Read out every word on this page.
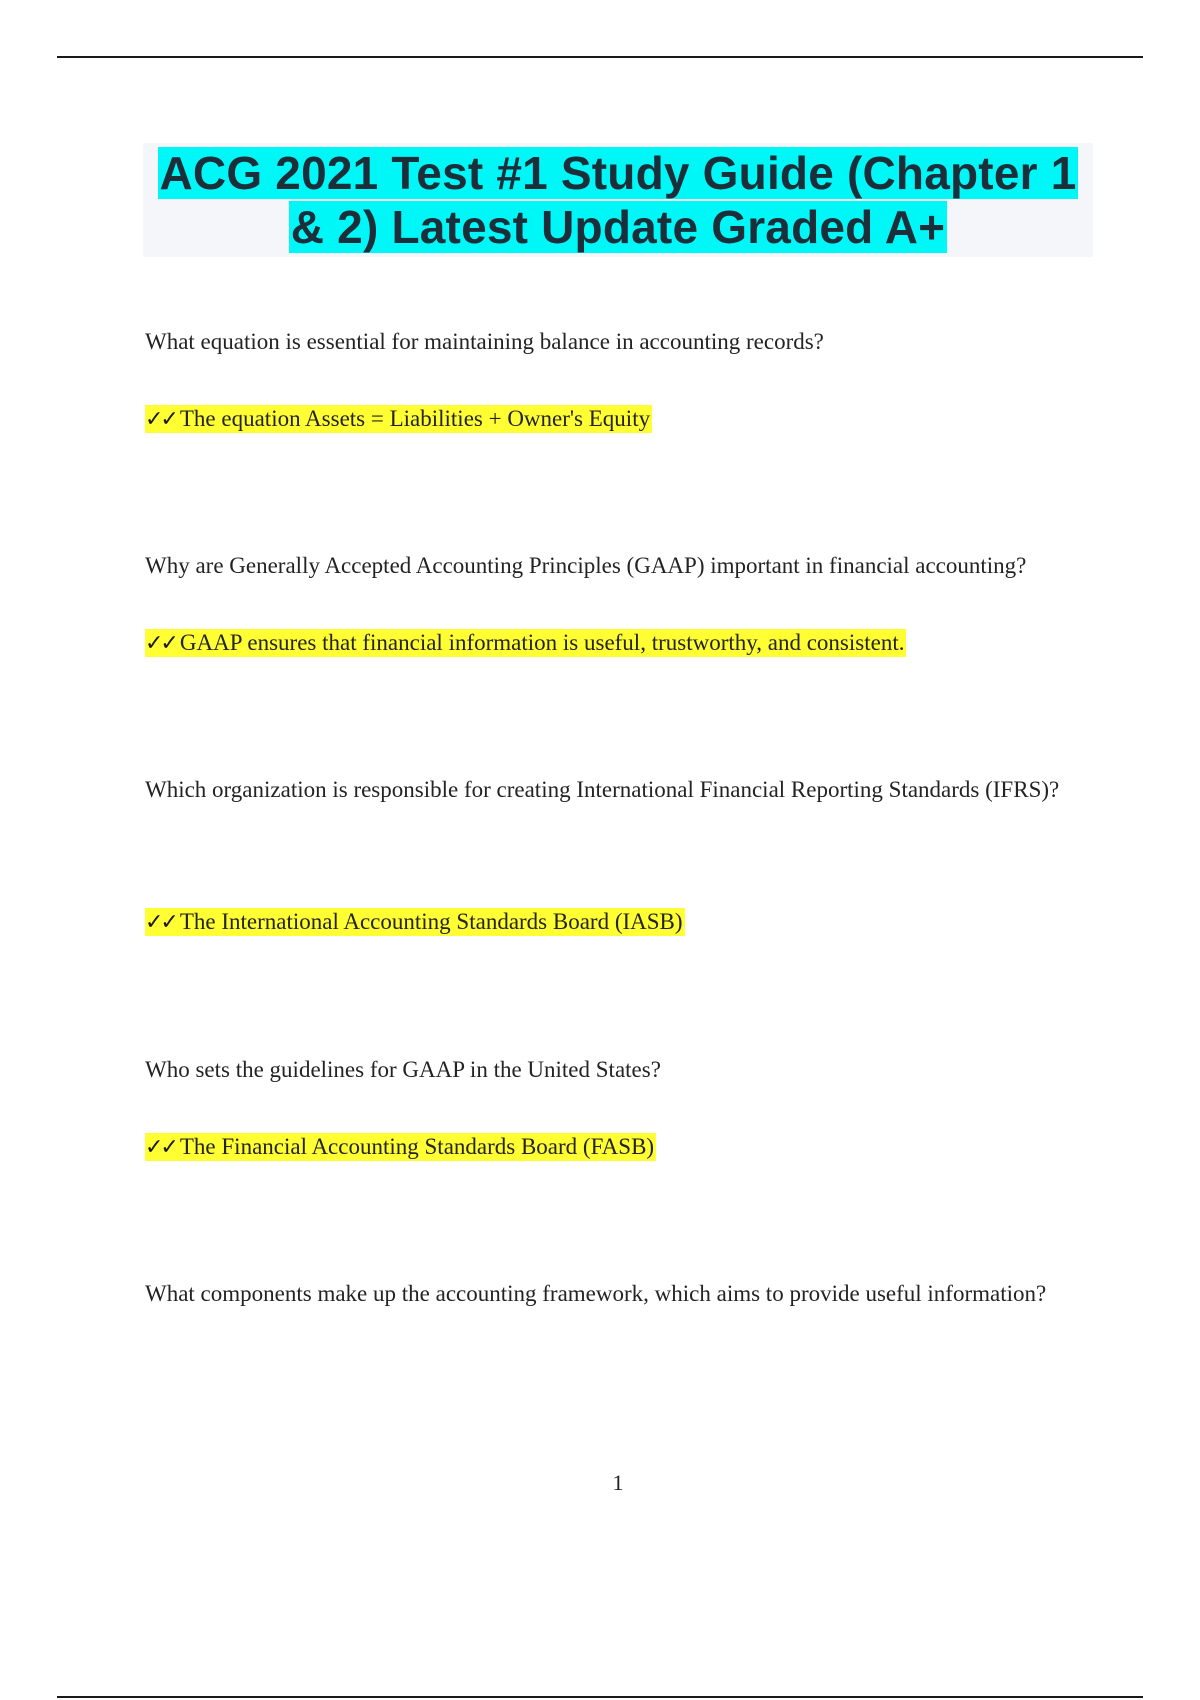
ACG 2021 Test #1 Study Guide (Chapter 1 & 2) Latest Update Graded A+

What equation is essential for maintaining balance in accounting records?

✓✓ The equation Assets = Liabilities + Owner's Equity

Why are Generally Accepted Accounting Principles (GAAP) important in financial accounting?

✓✓ GAAP ensures that financial information is useful, trustworthy, and consistent.

Which organization is responsible for creating International Financial Reporting Standards (IFRS)?

✓✓ The International Accounting Standards Board (IASB)

Who sets the guidelines for GAAP in the United States?

✓✓ The Financial Accounting Standards Board (FASB)

What components make up the accounting framework, which aims to provide useful information?

1
